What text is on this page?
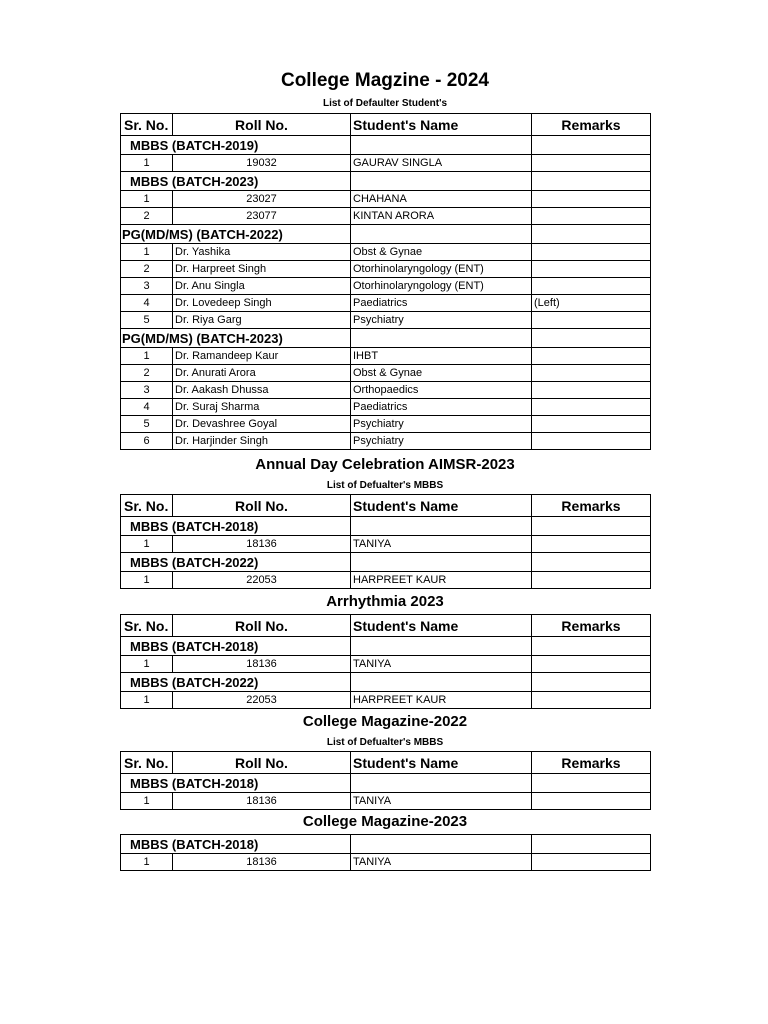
College Magzine - 2024
List of Defaulter Student's
Sr. No.	Roll No.	Student's Name	Remarks
MBBS (BATCH-2019)			
1	19032	GAURAV SINGLA	
MBBS (BATCH-2023)			
1	23027	CHAHANA	
2	23077	KINTAN ARORA	
PG(MD/MS) (BATCH-2022)			
1	Dr. Yashika	Obst & Gynae	
2	Dr. Harpreet Singh	Otorhinolaryngology (ENT)	
3	Dr. Anu Singla	Otorhinolaryngology (ENT)	
4	Dr. Lovedeep Singh	Paediatrics	(Left)
5	Dr. Riya Garg	Psychiatry	
PG(MD/MS) (BATCH-2023)			
1	Dr. Ramandeep Kaur	IHBT	
2	Dr. Anurati Arora	Obst & Gynae	
3	Dr. Aakash Dhussa	Orthopaedics	
4	Dr. Suraj Sharma	Paediatrics	
5	Dr. Devashree Goyal	Psychiatry	
6	Dr. Harjinder Singh	Psychiatry	
Annual Day Celebration AIMSR-2023
List of Defualter's MBBS
Sr. No.	Roll No.	Student's Name	Remarks
MBBS (BATCH-2018)			
1	18136	TANIYA	
MBBS (BATCH-2022)			
1	22053	HARPREET KAUR	
Arrhythmia 2023
Sr. No.	Roll No.	Student's Name	Remarks
MBBS (BATCH-2018)			
1	18136	TANIYA	
MBBS (BATCH-2022)			
1	22053	HARPREET KAUR	
College Magazine-2022
List of Defualter's MBBS
Sr. No.	Roll No.	Student's Name	Remarks
MBBS (BATCH-2018)			
1	18136	TANIYA	
College Magazine-2023
MBBS (BATCH-2018)			
1	18136	TANIYA	
